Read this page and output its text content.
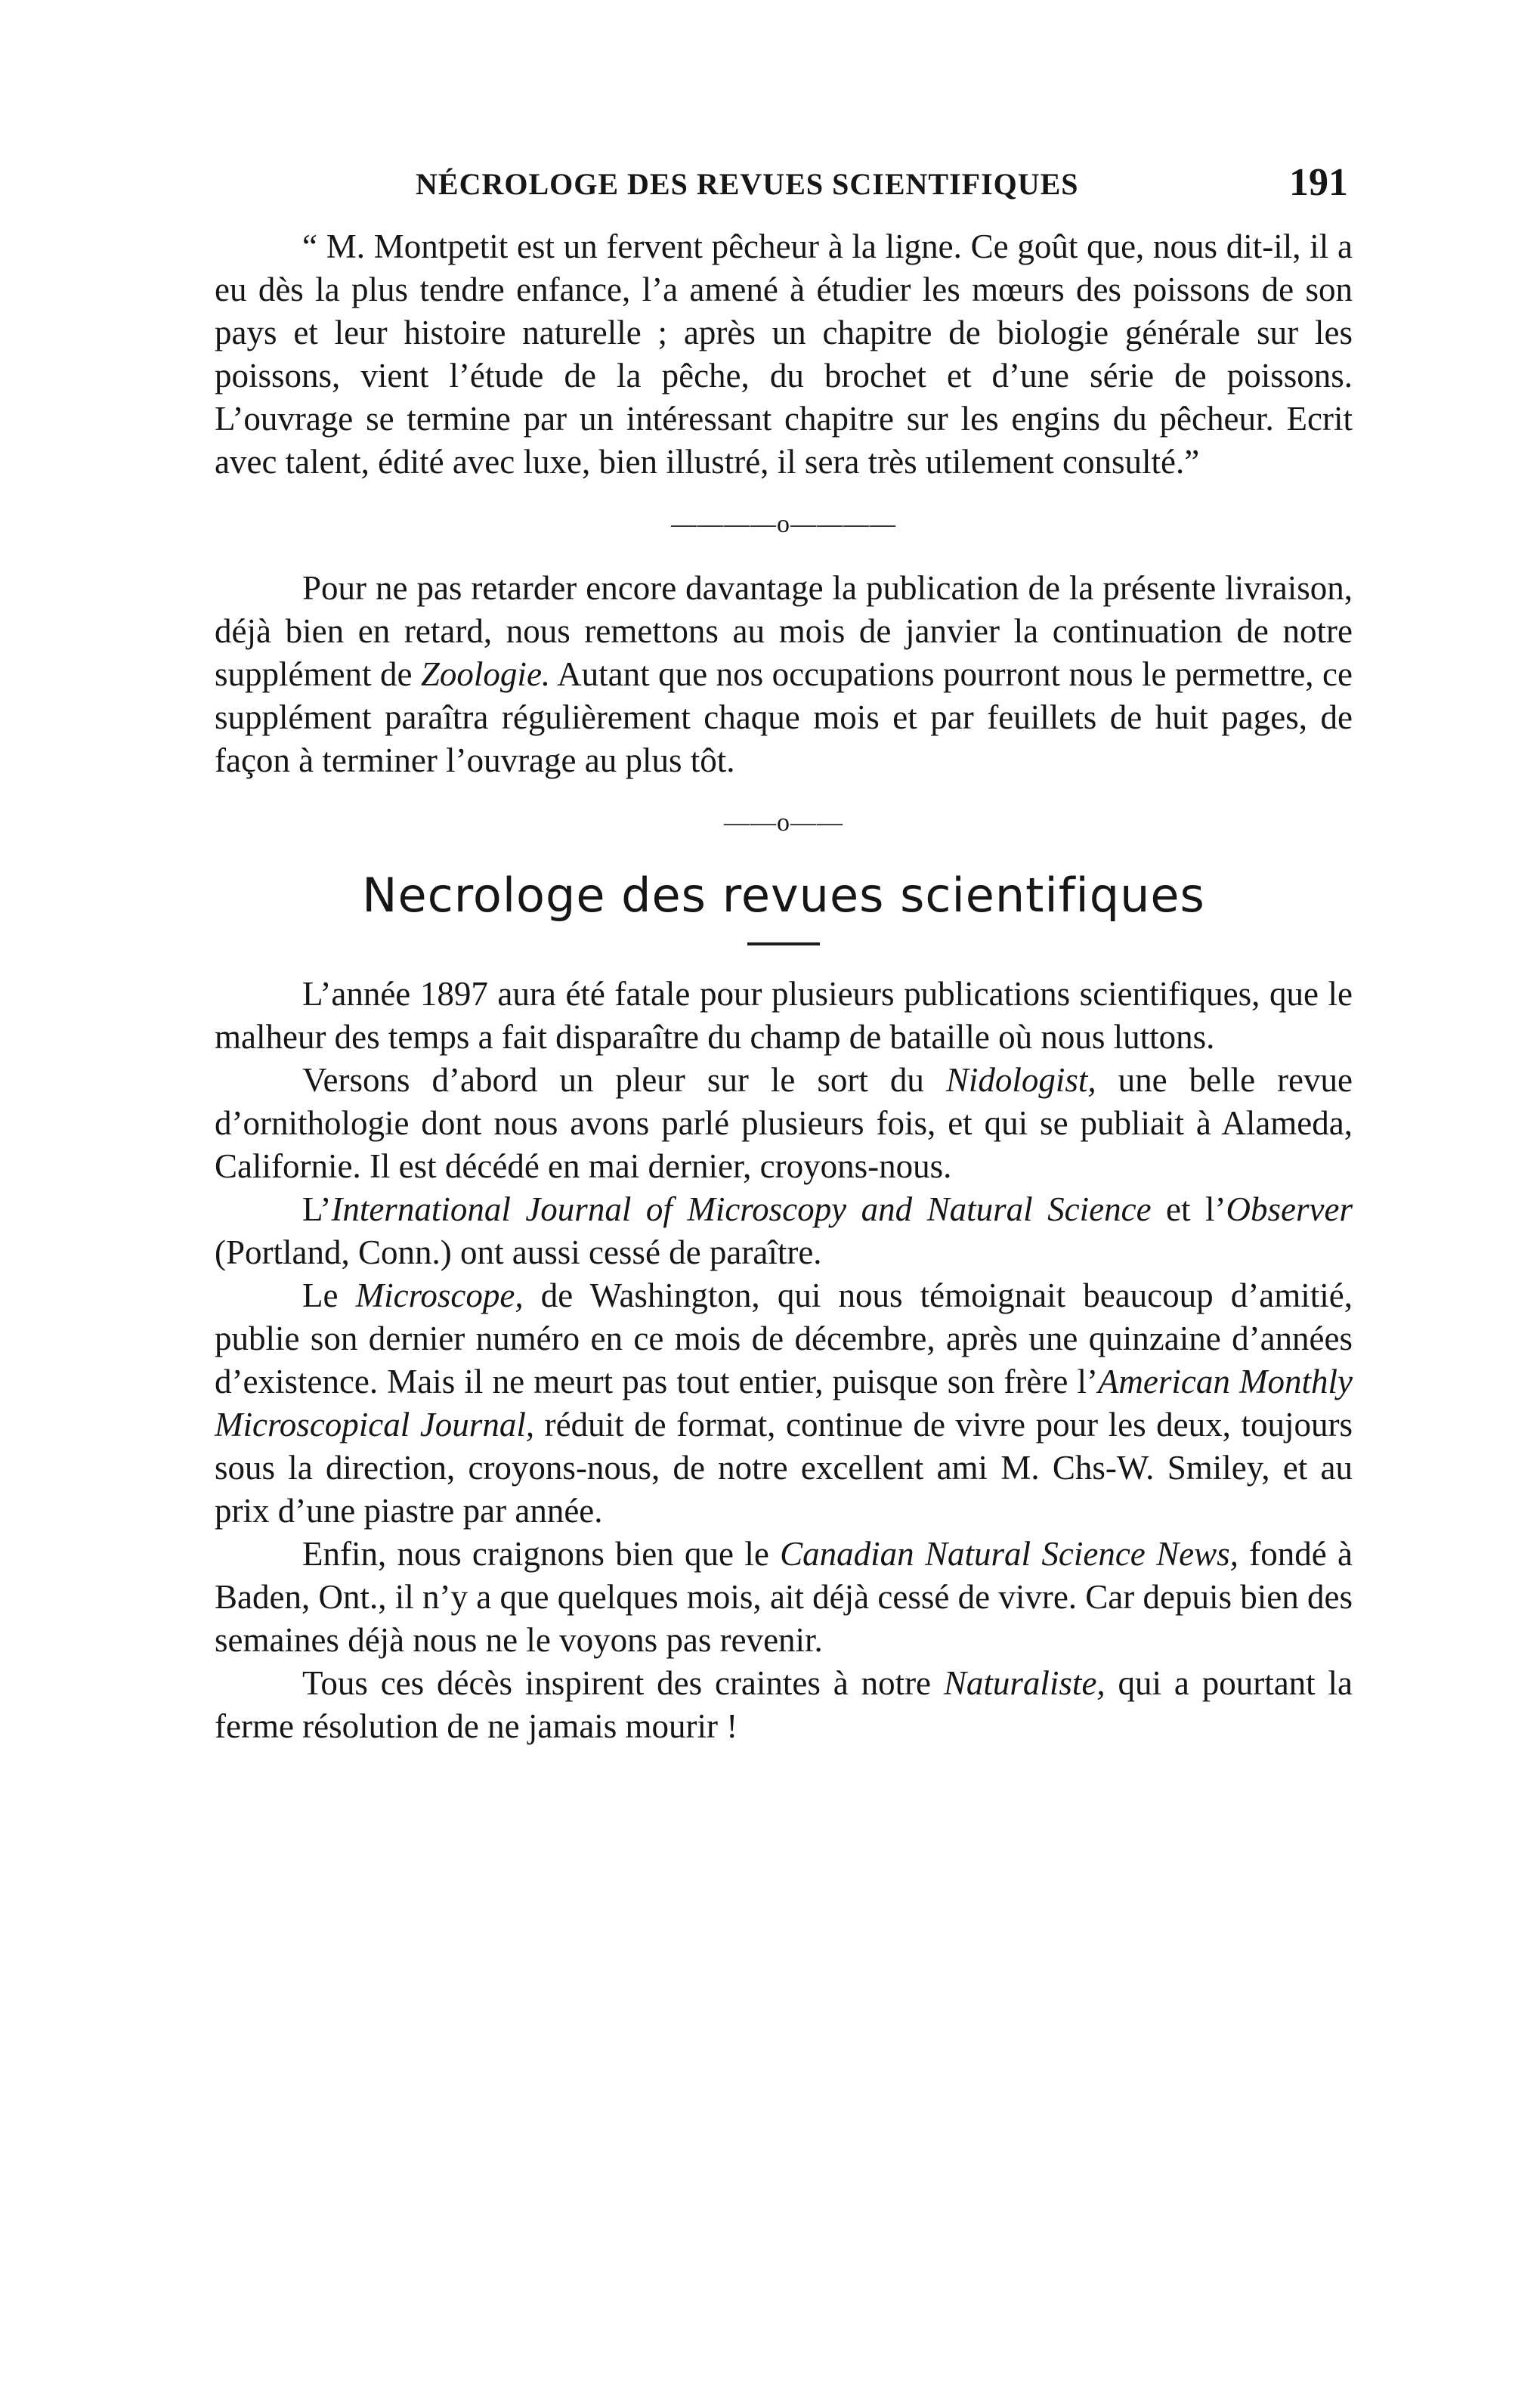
NÉCROLOGE DES REVUES SCIENTIFIQUES	191

“ M. Montpetit est un fervent pêcheur à la ligne. Ce goût que, nous dit-il, il a eu dès la plus tendre enfance, l’a amené à étudier les mœurs des poissons de son pays et leur histoire naturelle ; après un chapitre de biologie générale sur les poissons, vient l’étude de la pêche, du brochet et d’une série de poissons. L’ouvrage se termine par un intéressant chapitre sur les engins du pêcheur. Ecrit avec talent, édité avec luxe, bien illustré, il sera très utilement consulté.”

————o————

Pour ne pas retarder encore davantage la publication de la présente livraison, déjà bien en retard, nous remettons au mois de janvier la continuation de notre supplément de Zoologie. Autant que nos occupations pourront nous le permettre, ce supplément paraîtra régulièrement chaque mois et par feuillets de huit pages, de façon à terminer l’ouvrage au plus tôt.

——o——
Necrologe des revues scientifiques

L’année 1897 aura été fatale pour plusieurs publications scientifiques, que le malheur des temps a fait disparaître du champ de bataille où nous luttons.

Versons d’abord un pleur sur le sort du Nidologist, une belle revue d’ornithologie dont nous avons parlé plusieurs fois, et qui se publiait à Alameda, Californie. Il est décédé en mai dernier, croyons-nous.

L’International Journal of Microscopy and Natural Science et l’Observer (Portland, Conn.) ont aussi cessé de paraître.

Le Microscope, de Washington, qui nous témoignait beaucoup d’amitié, publie son dernier numéro en ce mois de décembre, après une quinzaine d’années d’existence. Mais il ne meurt pas tout entier, puisque son frère l’American Monthly Microscopical Journal, réduit de format, continue de vivre pour les deux, toujours sous la direction, croyons-nous, de notre excellent ami M. Chs-W. Smiley, et au prix d’une piastre par année.

Enfin, nous craignons bien que le Canadian Natural Science News, fondé à Baden, Ont., il n’y a que quelques mois, ait déjà cessé de vivre. Car depuis bien des semaines déjà nous ne le voyons pas revenir.

Tous ces décès inspirent des craintes à notre Naturaliste, qui a pourtant la ferme résolution de ne jamais mourir !
